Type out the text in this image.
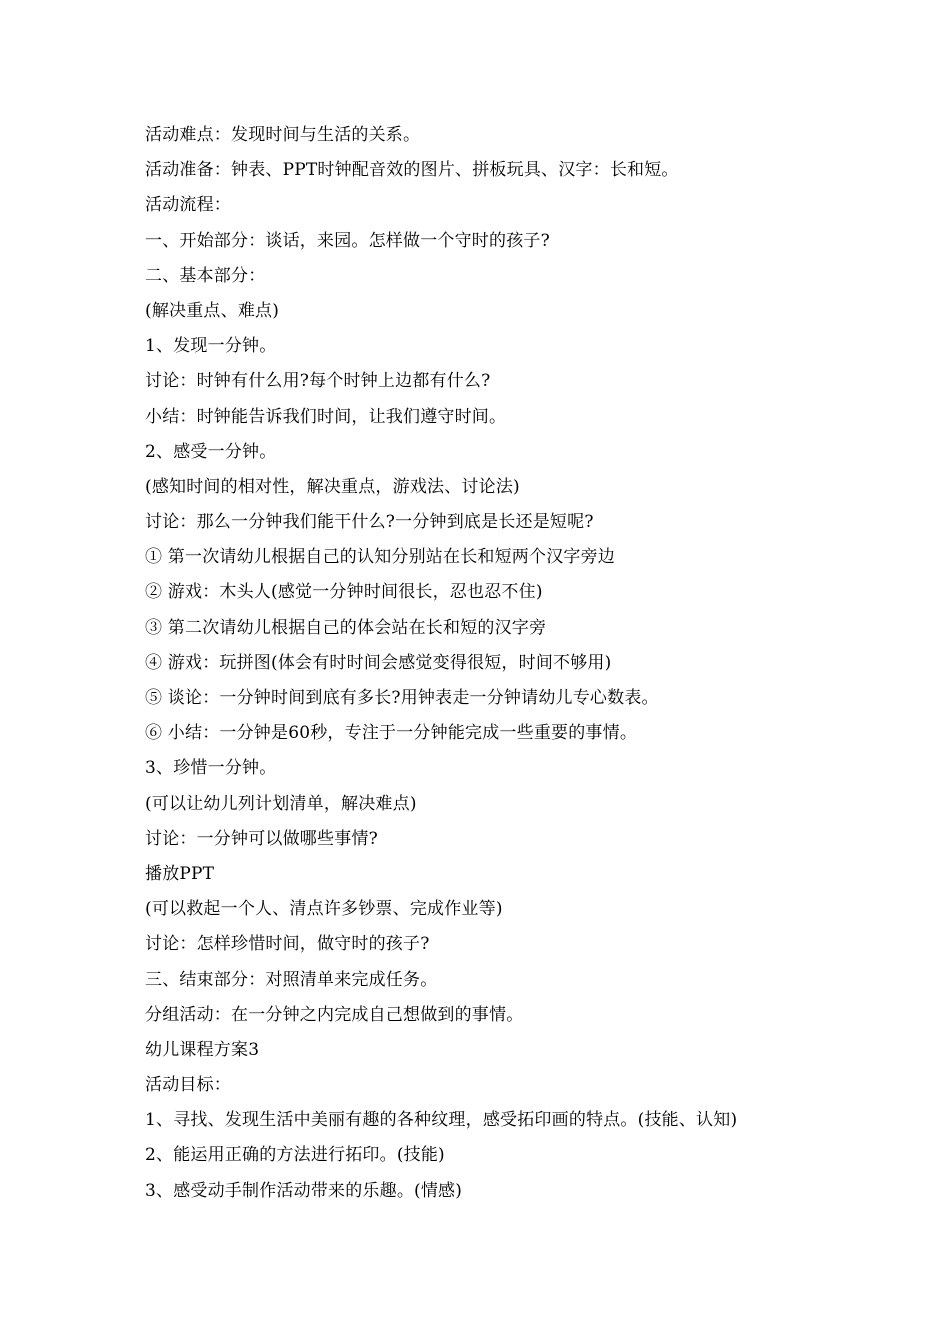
活动难点：发现时间与生活的关系。
活动准备：钟表、PPT时钟配音效的图片、拼板玩具、汉字：长和短。
活动流程：
一、开始部分：谈话，来园。怎样做一个守时的孩子?
二、基本部分：
(解决重点、难点)
1、发现一分钟。
讨论：时钟有什么用?每个时钟上边都有什么?
小结：时钟能告诉我们时间，让我们遵守时间。
2、感受一分钟。
(感知时间的相对性，解决重点，游戏法、讨论法)
讨论：那么一分钟我们能干什么?一分钟到底是长还是短呢?
① 第一次请幼儿根据自己的认知分别站在长和短两个汉字旁边
② 游戏：木头人(感觉一分钟时间很长，忍也忍不住)
③ 第二次请幼儿根据自己的体会站在长和短的汉字旁
④ 游戏：玩拼图(体会有时时间会感觉变得很短，时间不够用)
⑤ 谈论：一分钟时间到底有多长?用钟表走一分钟请幼儿专心数表。
⑥ 小结：一分钟是60秒，专注于一分钟能完成一些重要的事情。
3、珍惜一分钟。
(可以让幼儿列计划清单，解决难点)
讨论：一分钟可以做哪些事情?
播放PPT
(可以救起一个人、清点许多钞票、完成作业等)
讨论：怎样珍惜时间，做守时的孩子?
三、结束部分：对照清单来完成任务。
分组活动：在一分钟之内完成自己想做到的事情。
幼儿课程方案3
活动目标：
1、寻找、发现生活中美丽有趣的各种纹理，感受拓印画的特点。(技能、认知)
2、能运用正确的方法进行拓印。(技能)
3、感受动手制作活动带来的乐趣。(情感)
